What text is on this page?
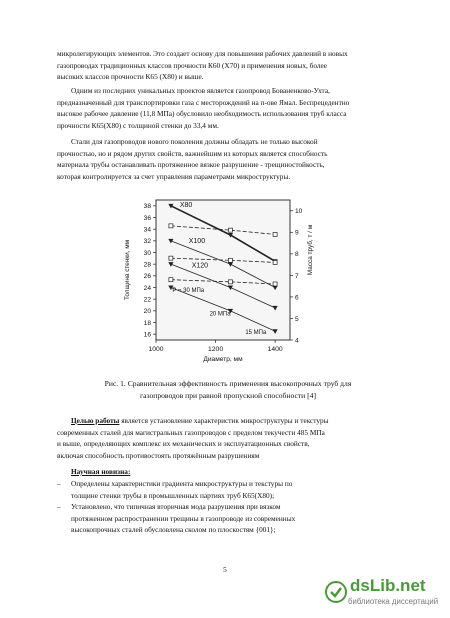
микролегирующих элементов. Это создает основу для повышения рабочих давлений в новых
газопроводах традиционных классов прочности К60 (Х70) и применения новых, более
высоких классов прочности К65 (Х80) и выше.
Одним из последних уникальных проектов является газопровод Бованенково-Ухта,
предназначенный для транспортировки газа с месторождений на п-ове Ямал. Беспрецедентно
высокое рабочее давление (11,8 МПа) обусловило необходимость использования труб класса
прочности К65(Х80) с толщиной стенки до 33,4 мм.
Стали для газопроводов нового поколения должны обладать не только высокой
прочностью, но и рядом других свойств, важнейшим из которых является способность
материала трубы останавливать протяженное вязкое разрушение - трещиностойкость,
которая контролируется за счет управления параметрами микроструктуры.
16
18
20
22
24
26
28
30
32
34
36
38
4
5
6
7
8
9
10
1000	1200	1400
Диаметр, мм
Толщина стенки, мм	Масса труб, т / м
X80
X100
X120
P = 30 МПа
20 МПа
15 МПа
Рис. 1. Сравнительная эффективность применения высокопрочных труб для
газопроводов при равной пропускной способности [4]
Целью работы является установление характеристик микроструктуры и текстуры
современных сталей для магистральных газопроводов с пределом текучести 485 МПа
и выше, определяющих комплекс их механических и эксплуатационных свойств,
включая способность противостоять протяжённым разрушениям
Научная новизна:
– Определены характеристики градиента микроструктуры и текстуры по
толщине стенки трубы в промышленных партиях труб К65(Х80);
– Установлено, что типичная вторичная мода разрушения при вязком
протяженном распространении трещины в газопроводе из современных
высокопрочных сталей обусловлена сколом по плоскостям {001};
5
dsLib.net
библиотека диссертаций
